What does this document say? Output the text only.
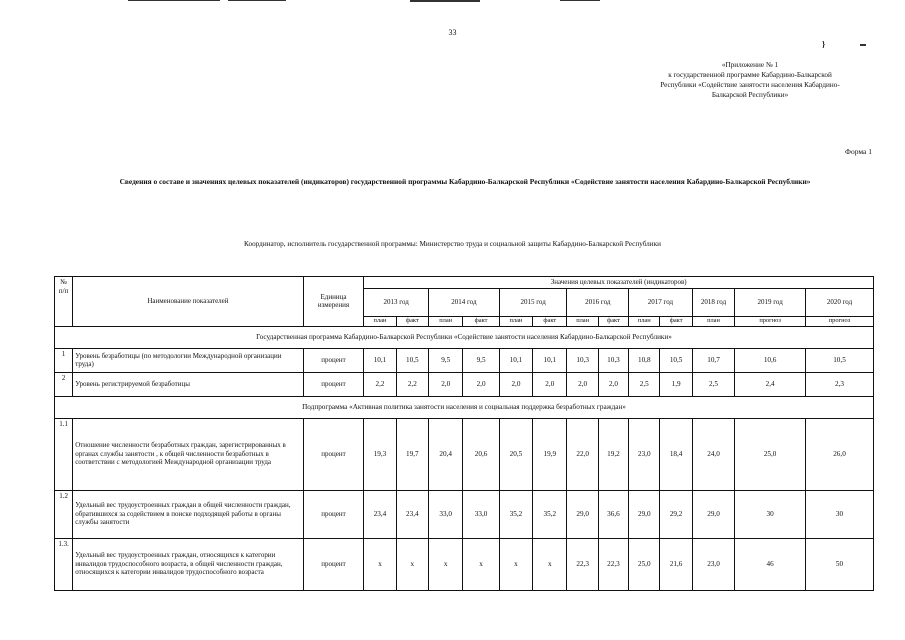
33
}
«Приложение № 1
к государственной программе Кабардино-Балкарской
Республики «Содействие занятости населения Кабардино-
Балкарской Республики»
Форма 1
Сведения о составе и значениях целевых показателей (индикаторов) государственной программы Кабардино-Балкарской Республики «Содействие занятости населения Кабардино-Балкарской Республики»
Координатор, исполнитель государственной программы: Министерство труда и социальной защиты Кабардино-Балкарской Республики
№ п/п	Наименование показателей	Единица измерения	Значения целевых показателей (индикаторов)												
			2013 год		2014 год		2015 год		2016 год		2017 год		2018 год	2019 год	2020 год
			план	факт	план	факт	план	факт	план	факт	план	факт	план	прогноз	прогноз
Государственная программа Кабардино-Балкарской Республики «Содействие занятости населения Кабардино-Балкарской Республики»															
1	Уровень безработицы (по методологии Международной организации труда)	процент	10,1	10,5	9,5	9,5	10,1	10,1	10,3	10,3	10,8	10,5	10,7	10,6	10,5
2	Уровень регистрируемой безработицы	процент	2,2	2,2	2,0	2,0	2,0	2,0	2,0	2,0	2,5	1,9	2,5	2,4	2,3
Подпрограмма «Активная политика занятости населения и социальная поддержка безработных граждан»															
1.1	Отношение численности безработных граждан, зарегистрированных в органах службы занятости , к общей численности безработных в соответствии с методологией Международной организации труда	процент	19,3	19,7	20,4	20,6	20,5	19,9	22,0	19,2	23,0	18,4	24,0	25,0	26,0
1.2	Удельный вес трудоустроенных граждан в общей численности граждан, обратившихся за содействием в поиске подходящей работы в органы службы занятости	процент	23,4	23,4	33,0	33,0	35,2	35,2	29,0	36,6	29,0	29,2	29,0	30	30
1.3.	Удельный вес трудоустроенных граждан, относящихся к категории инвалидов трудоспособного возраста, в общей численности граждан, относящихся к категории инвалидов трудоспособного возраста	процент	х	х	х	х	х	х	22,3	22,3	25,0	21,6	23,0	46	50
